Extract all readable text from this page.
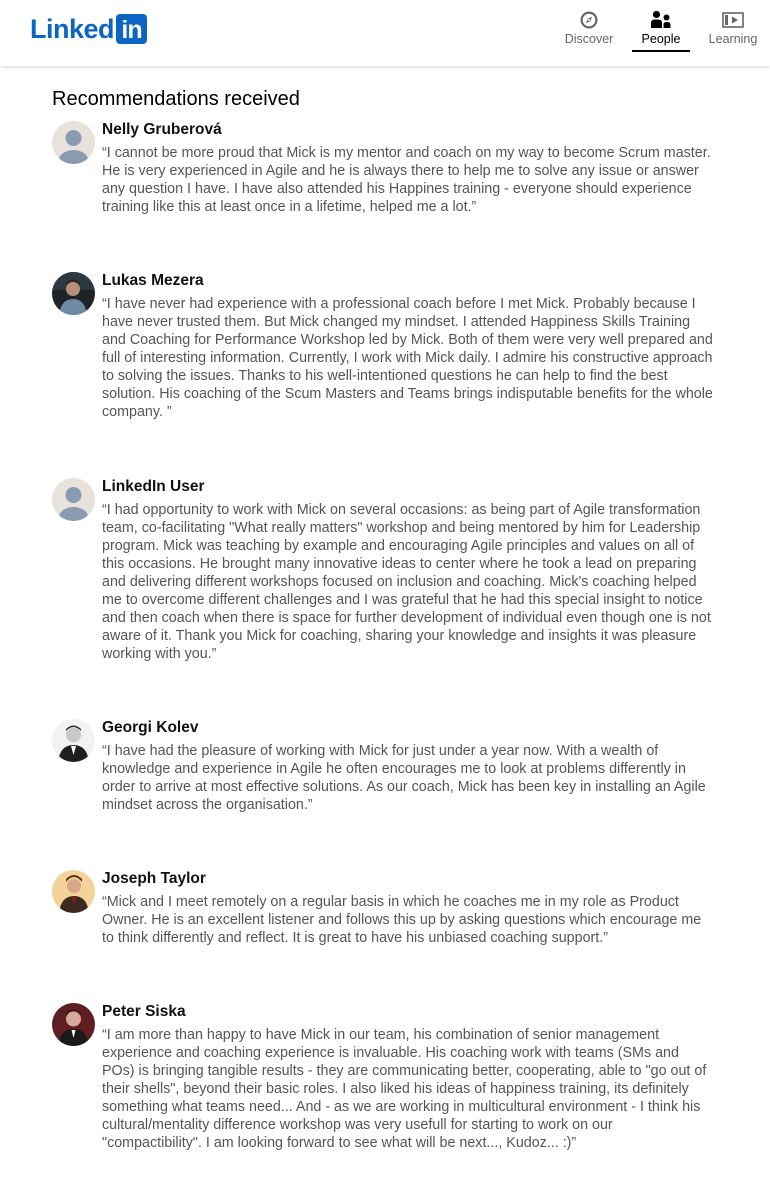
Linked in	Discover	People	Learning
Recommendations received
Nelly Gruberová
“I cannot be more proud that Mick is my mentor and coach on my way to become Scrum master. He is very experienced in Agile and he is always there to help me to solve any issue or answer any question I have. I have also attended his Happines training - everyone should experience training like this at least once in a lifetime, helped me a lot.”
Lukas Mezera
“I have never had experience with a professional coach before I met Mick. Probably because I have never trusted them. But Mick changed my mindset. I attended Happiness Skills Training and Coaching for Performance Workshop led by Mick. Both of them were very well prepared and full of interesting information. Currently, I work with Mick daily. I admire his constructive approach to solving the issues. Thanks to his well-intentioned questions he can help to find the best solution. His coaching of the Scum Masters and Teams brings indisputable benefits for the whole company. ”
LinkedIn User
“I had opportunity to work with Mick on several occasions: as being part of Agile transformation team, co-facilitating "What really matters" workshop and being mentored by him for Leadership program. Mick was teaching by example and encouraging Agile principles and values on all of this occasions. He brought many innovative ideas to center where he took a lead on preparing and delivering different workshops focused on inclusion and coaching. Mick's coaching helped me to overcome different challenges and I was grateful that he had this special insight to notice and then coach when there is space for further development of individual even though one is not aware of it. Thank you Mick for coaching, sharing your knowledge and insights it was pleasure working with you.”
Georgi Kolev
“I have had the pleasure of working with Mick for just under a year now. With a wealth of knowledge and experience in Agile he often encourages me to look at problems differently in order to arrive at most effective solutions. As our coach, Mick has been key in installing an Agile mindset across the organisation.”
Joseph Taylor
“Mick and I meet remotely on a regular basis in which he coaches me in my role as Product Owner. He is an excellent listener and follows this up by asking questions which encourage me to think differently and reflect. It is great to have his unbiased coaching support.”
Peter Siska
“I am more than happy to have Mick in our team, his combination of senior management experience and coaching experience is invaluable. His coaching work with teams (SMs and POs) is bringing tangible results - they are communicating better, cooperating, able to "go out of their shells", beyond their basic roles. I also liked his ideas of happiness training, its definitely something what teams need... And - as we are working in multicultural environment - I think his cultural/mentality difference workshop was very usefull for starting to work on our "compactibility". I am looking forward to see what will be next..., Kudoz... :)”
